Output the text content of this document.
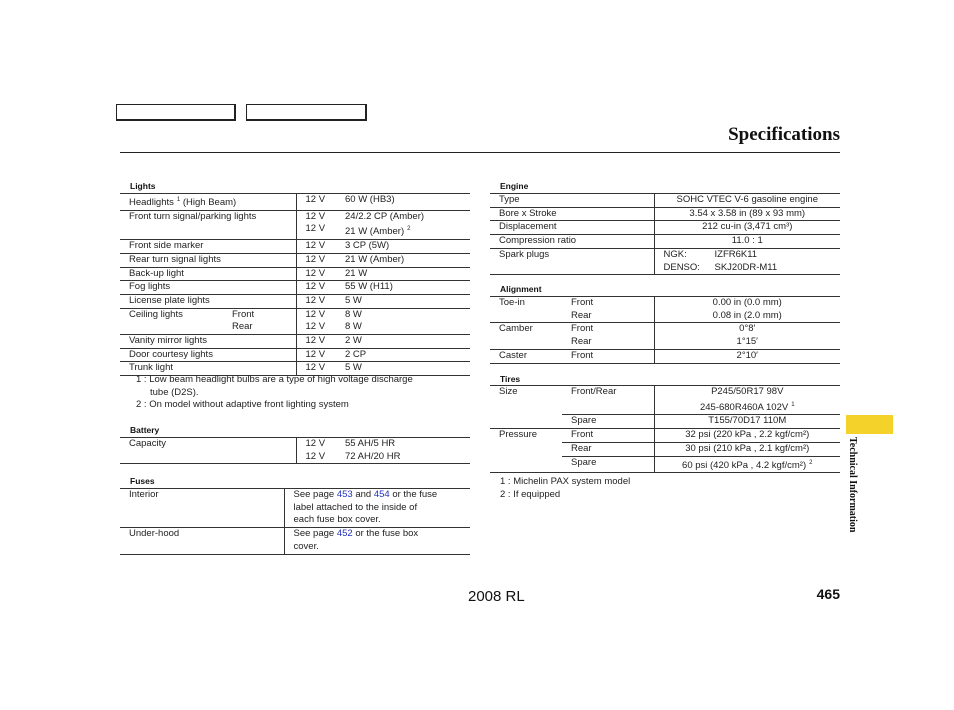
Specifications
Lights
Headlights $^1$ (High Beam)	12 V	60 W (HB3)
Front turn signal/parking lights	12 V	24/2.2 CP (Amber)
	12 V	21 W (Amber) $^2$
Front side marker	12 V	3 CP (5W)
Rear turn signal lights	12 V	21 W (Amber)
Back-up light	12 V	21 W
Fog lights	12 V	55 W (H11)
License plate lights	12 V	5 W
Ceiling lights Front	12 V	8 W
Rear	12 V	8 W
Vanity mirror lights	12 V	2 W
Door courtesy lights	12 V	2 CP
Trunk light	12 V	5 W
1 : Low beam headlight bulbs are a type of high voltage discharge
tube (D2S).
2 : On model without adaptive front lighting system
Battery
Capacity	12 V	55 AH/5 HR
	12 V	72 AH/20 HR
Fuses
Interior	See page 453 and 454 or the fuse
label attached to the inside of
each fuse box cover.

Under-hood	See page 452 or the fuse box
cover.
Engine
Type	SOHC VTEC V-6 gasoline engine
Bore x Stroke	3.54 x 3.58 in (89 x 93 mm)
Displacement	212 cu-in (3,471 cm³)
Compression ratio	11.0 : 1
Spark plugs	NGK: IZFR6K11
	DENSO: SKJ20DR-M11
Alignment
Toe-in	Front	0.00 in (0.0 mm)
	Rear	0.08 in (2.0 mm)
Camber	Front	0°8′
	Rear	1°15′
Caster	Front	2°10′
Tires
Size	Front/Rear	P245/50R17 98V
		245-680R460A 102V $^1$
	Spare	T155/70D17 110M
Pressure	Front	32 psi (220 kPa , 2.2 kgf/cm²)
	Rear	30 psi (210 kPa , 2.1 kgf/cm²)
	Spare	60 psi (420 kPa , 4.2 kgf/cm²) $^2$
1 : Michelin PAX system model
2 : If equipped	Technical Information
2008 RL	465
